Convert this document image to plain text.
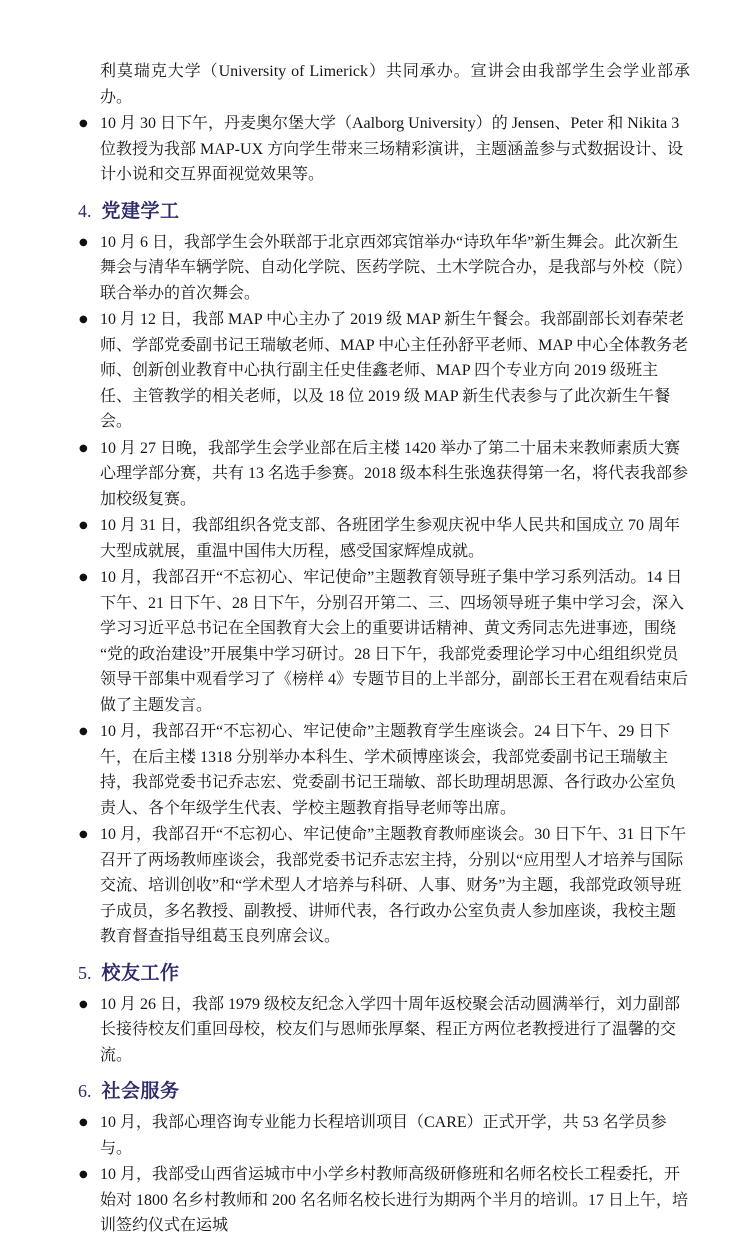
利莫瑞克大学（University of Limerick）共同承办。宣讲会由我部学生会学业部承办。

● 10 月 30 日下午，丹麦奥尔堡大学（Aalborg University）的 Jensen、Peter 和 Nikita 3 位教授为我部 MAP-UX 方向学生带来三场精彩演讲，主题涵盖参与式数据设计、设计小说和交互界面视觉效果等。
4. 党建学工
● 10 月 6 日，我部学生会外联部于北京西郊宾馆举办“诗玖年华”新生舞会。此次新生舞会与清华车辆学院、自动化学院、医药学院、土木学院合办，是我部与外校（院）联合举办的首次舞会。
● 10 月 12 日，我部 MAP 中心主办了 2019 级 MAP 新生午餐会。我部副部长刘春荣老师、学部党委副书记王瑞敏老师、MAP 中心主任孙舒平老师、MAP 中心全体教务老师、创新创业教育中心执行副主任史佳鑫老师、MAP 四个专业方向 2019 级班主任、主管教学的相关老师，以及 18 位 2019 级 MAP 新生代表参与了此次新生午餐会。
● 10 月 27 日晚，我部学生会学业部在后主楼 1420 举办了第二十届未来教师素质大赛心理学部分赛，共有 13 名选手参赛。2018 级本科生张逸获得第一名，将代表我部参加校级复赛。
● 10 月 31 日，我部组织各党支部、各班团学生参观庆祝中华人民共和国成立 70 周年大型成就展，重温中国伟大历程，感受国家辉煌成就。
● 10 月，我部召开“不忘初心、牢记使命”主题教育领导班子集中学习系列活动。14 日下午、21 日下午、28 日下午，分别召开第二、三、四场领导班子集中学习会，深入学习习近平总书记在全国教育大会上的重要讲话精神、黄文秀同志先进事迹，围绕“党的政治建设”开展集中学习研讨。28 日下午，我部党委理论学习中心组组织党员领导干部集中观看学习了《榜样 4》专题节目的上半部分，副部长王君在观看结束后做了主题发言。
● 10 月，我部召开“不忘初心、牢记使命”主题教育学生座谈会。24 日下午、29 日下午，在后主楼 1318 分别举办本科生、学术硕博座谈会，我部党委副书记王瑞敏主持，我部党委书记乔志宏、党委副书记王瑞敏、部长助理胡思源、各行政办公室负责人、各个年级学生代表、学校主题教育指导老师等出席。
● 10 月，我部召开“不忘初心、牢记使命”主题教育教师座谈会。30 日下午、31 日下午召开了两场教师座谈会，我部党委书记乔志宏主持，分别以“应用型人才培养与国际交流、培训创收”和“学术型人才培养与科研、人事、财务”为主题，我部党政领导班子成员，多名教授、副教授、讲师代表，各行政办公室负责人参加座谈，我校主题教育督查指导组葛玉良列席会议。
5. 校友工作
● 10 月 26 日，我部 1979 级校友纪念入学四十周年返校聚会活动圆满举行，刘力副部长接待校友们重回母校，校友们与恩师张厚粲、程正方两位老教授进行了温馨的交流。
6. 社会服务
● 10 月，我部心理咨询专业能力长程培训项目（CARE）正式开学，共 53 名学员参与。
● 10 月，我部受山西省运城市中小学乡村教师高级研修班和名师名校长工程委托，开始对 1800 名乡村教师和 200 名名师名校长进行为期两个半月的培训。17 日上午，培训签约仪式在运城
